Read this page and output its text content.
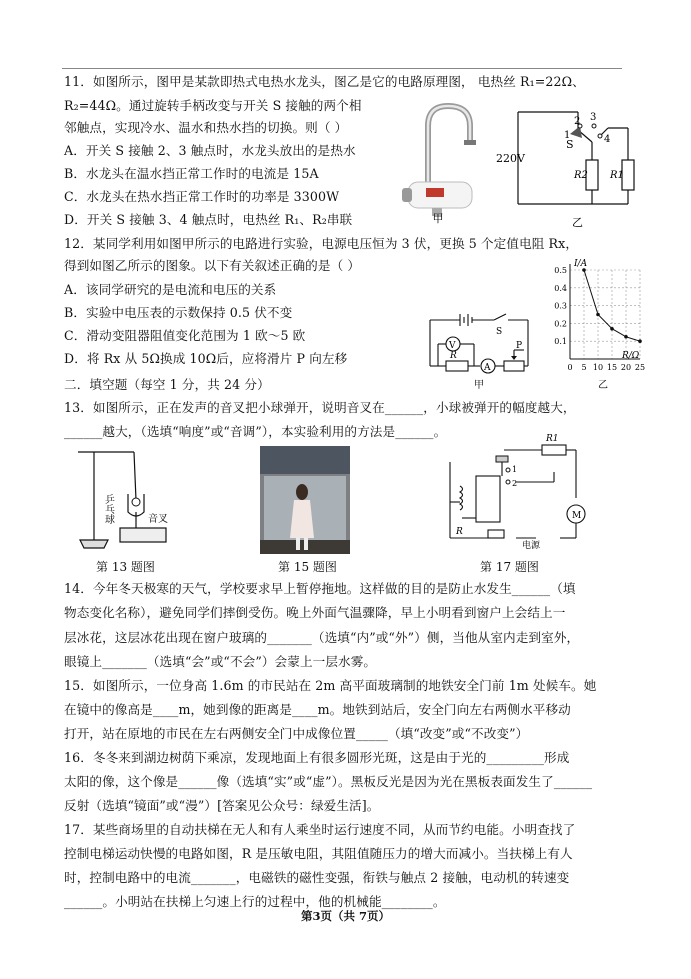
11．如图所示，图甲是某款即热式电热水龙头，图乙是它的电路原理图， 电热丝 R₁=22Ω、
R₂=44Ω。通过旋转手柄改变与开关 S 接触的两个相
邻触点，实现冷水、温水和热水挡的切换。则（ ）
A．开关 S 接触 2、3 触点时，水龙头放出的是热水
B．水龙头在温水挡正常工作时的电流是 15A
C．水龙头在热水挡正常工作时的功率是 3300W
D．开关 S 接触 3、4 触点时，电热丝 R₁、R₂串联
12．某同学利用如图甲所示的电路进行实验，电源电压恒为 3 伏，更换 5 个定值电阻 Rx，
得到如图乙所示的图象。以下有关叙述正确的是（ ）
A．该同学研究的是电流和电压的关系
B．实验中电压表的示数保持 0.5 伏不变
C．滑动变阻器阻值变化范围为 1 欧～5 欧
D．将 Rx 从 5Ω换成 10Ω后，应将滑片 P 向左移
二．填空题（每空 1 分，共 24 分）
13．如图所示，正在发声的音叉把小球弹开，说明音叉在______，小球被弹开的幅度越大，
______越大，（选填“响度”或“音调”），本实验利用的方法是______。
14．今年冬天极寒的天气，学校要求早上暂停拖地。这样做的目的是防止水发生______（填
物态变化名称），避免同学们摔倒受伤。晚上外面气温骤降，早上小明看到窗户上会结上一
层冰花，这层冰花出现在窗户玻璃的_______（选填“内”或“外”）侧，当他从室内走到室外，
眼镜上_______（选填“会”或“不会”）会蒙上一层水雾。
15．如图所示，一位身高 1.6m 的市民站在 2m 高平面玻璃制的地铁安全门前 1m 处候车。她
在镜中的像高是____m，她到像的距离是____m。地铁到站后，安全门向左右两侧水平移动
打开，站在原地的市民在左右两侧安全门中成像位置_____（填“改变”或“不改变”）
16．冬冬来到湖边树荫下乘凉，发现地面上有很多圆形光斑，这是由于光的_________形成
太阳的像，这个像是______像（选填“实”或“虚”）。黑板反光是因为光在黑板表面发生了______
反射（选填“镜面”或“漫”）[答案见公众号：绿爱生活]。
17．某些商场里的自动扶梯在无人和有人乘坐时运行速度不同，从而节约电能。小明查找了
控制电梯运动快慢的电路如图，R 是压敏电阻，其阻值随压力的增大而减小。当扶梯上有人
时，控制电路中的电流_______，电磁铁的磁性变强，衔铁与触点 2 接触，电动机的转速变
______。小明站在扶梯上匀速上行的过程中，他的机械能________。
甲
220V
S
1
2 3
4
R2 R1
乙
V
A
S
R
P
甲
0.5
0.4
0.3
0.2
0.1
0 5 10 15 20 25
I/A
R/Ω
乙
乒乓球	音叉
第 13 题图	第 15 题图
R1
1
2
M
R
电源
第 17 题图
第3页（共 7页）
